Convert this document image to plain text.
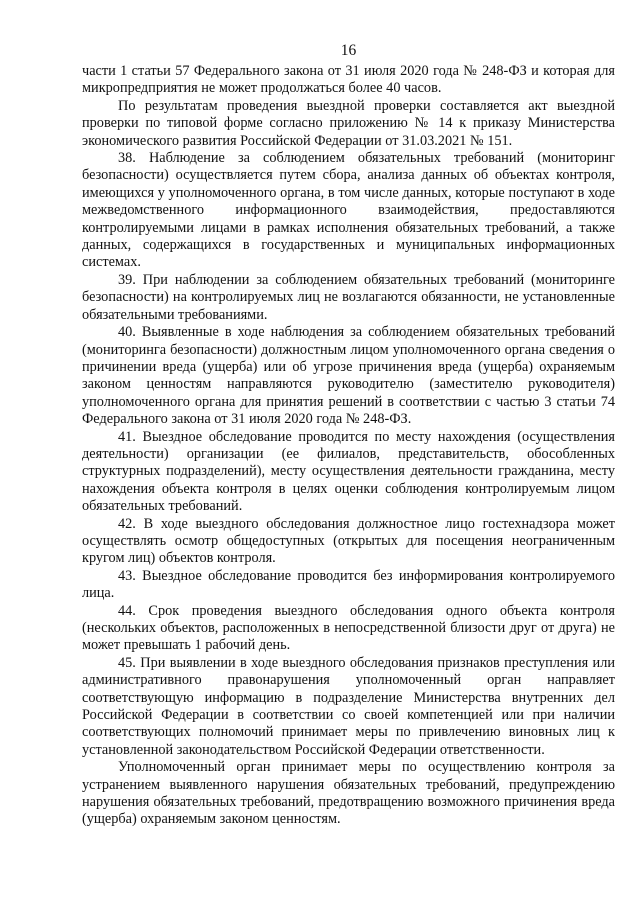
16

части 1 статьи 57 Федерального закона от 31 июля 2020 года № 248-ФЗ и которая для микропредприятия не может продолжаться более 40 часов.

По результатам проведения выездной проверки составляется акт выездной проверки по типовой форме согласно приложению № 14 к приказу Министерства экономического развития Российской Федерации от 31.03.2021 № 151.

38. Наблюдение за соблюдением обязательных требований (мониторинг безопасности) осуществляется путем сбора, анализа данных об объектах контроля, имеющихся у уполномоченного органа, в том числе данных, которые поступают в ходе межведомственного информационного взаимодействия, предоставляются контролируемыми лицами в рамках исполнения обязательных требований, а также данных, содержащихся в государственных и муниципальных информационных системах.

39. При наблюдении за соблюдением обязательных требований (мониторинге безопасности) на контролируемых лиц не возлагаются обязанности, не установленные обязательными требованиями.

40. Выявленные в ходе наблюдения за соблюдением обязательных требований (мониторинга безопасности) должностным лицом уполномоченного органа сведения о причинении вреда (ущерба) или об угрозе причинения вреда (ущерба) охраняемым законом ценностям направляются руководителю (заместителю руководителя) уполномоченного органа для принятия решений в соответствии с частью 3 статьи 74 Федерального закона от 31 июля 2020 года № 248-ФЗ.

41. Выездное обследование проводится по месту нахождения (осуществления деятельности) организации (ее филиалов, представительств, обособленных структурных подразделений), месту осуществления деятельности гражданина, месту нахождения объекта контроля в целях оценки соблюдения контролируемым лицом обязательных требований.

42. В ходе выездного обследования должностное лицо гостехнадзора может осуществлять осмотр общедоступных (открытых для посещения неограниченным кругом лиц) объектов контроля.

43. Выездное обследование проводится без информирования контролируемого лица.

44. Срок проведения выездного обследования одного объекта контроля (нескольких объектов, расположенных в непосредственной близости друг от друга) не может превышать 1 рабочий день.

45. При выявлении в ходе выездного обследования признаков преступления или административного правонарушения уполномоченный орган направляет соответствующую информацию в подразделение Министерства внутренних дел Российской Федерации в соответствии со своей компетенцией или при наличии соответствующих полномочий принимает меры по привлечению виновных лиц к установленной законодательством Российской Федерации ответственности.

Уполномоченный орган принимает меры по осуществлению контроля за устранением выявленного нарушения обязательных требований, предупреждению нарушения обязательных требований, предотвращению возможного причинения вреда (ущерба) охраняемым законом ценностям.
